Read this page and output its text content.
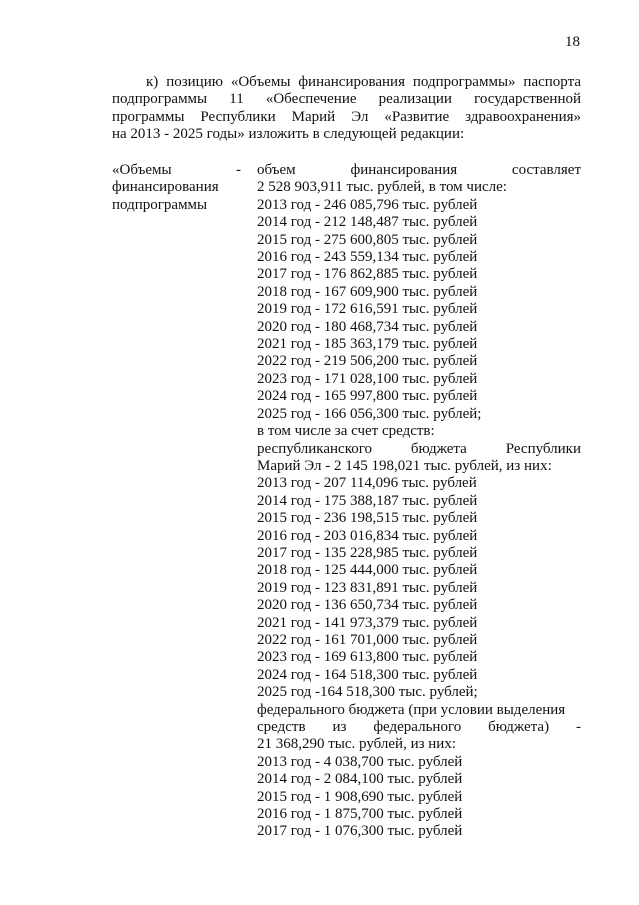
18
к) позицию «Объемы финансирования подпрограммы» паспорта
подпрограммы 11 «Обеспечение реализации государственной
программы Республики Марий Эл «Развитие здравоохранения»
на 2013 - 2025 годы» изложить в следующей редакции:
«Объемы
финансирования
подпрограммы
- объем финансирования составляет
2 528 903,911 тыс. рублей, в том числе:
2013 год - 246 085,796 тыс. рублей
2014 год - 212 148,487 тыс. рублей
2015 год - 275 600,805 тыс. рублей
2016 год - 243 559,134 тыс. рублей
2017 год - 176 862,885 тыс. рублей
2018 год - 167 609,900 тыс. рублей
2019 год - 172 616,591 тыс. рублей
2020 год - 180 468,734 тыс. рублей
2021 год - 185 363,179 тыс. рублей
2022 год - 219 506,200 тыс. рублей
2023 год - 171 028,100 тыс. рублей
2024 год - 165 997,800 тыс. рублей
2025 год - 166 056,300 тыс. рублей;
в том числе за счет средств:
республиканского бюджета Республики
Марий Эл - 2 145 198,021 тыс. рублей, из них:
2013 год - 207 114,096 тыс. рублей
2014 год - 175 388,187 тыс. рублей
2015 год - 236 198,515 тыс. рублей
2016 год - 203 016,834 тыс. рублей
2017 год - 135 228,985 тыс. рублей
2018 год - 125 444,000 тыс. рублей
2019 год - 123 831,891 тыс. рублей
2020 год - 136 650,734 тыс. рублей
2021 год - 141 973,379 тыс. рублей
2022 год - 161 701,000 тыс. рублей
2023 год - 169 613,800 тыс. рублей
2024 год - 164 518,300 тыс. рублей
2025 год -164 518,300 тыс. рублей;
федерального бюджета (при условии выделения
средств из федерального бюджета) -
21 368,290 тыс. рублей, из них:
2013 год - 4 038,700 тыс. рублей
2014 год - 2 084,100 тыс. рублей
2015 год - 1 908,690 тыс. рублей
2016 год - 1 875,700 тыс. рублей
2017 год - 1 076,300 тыс. рублей
